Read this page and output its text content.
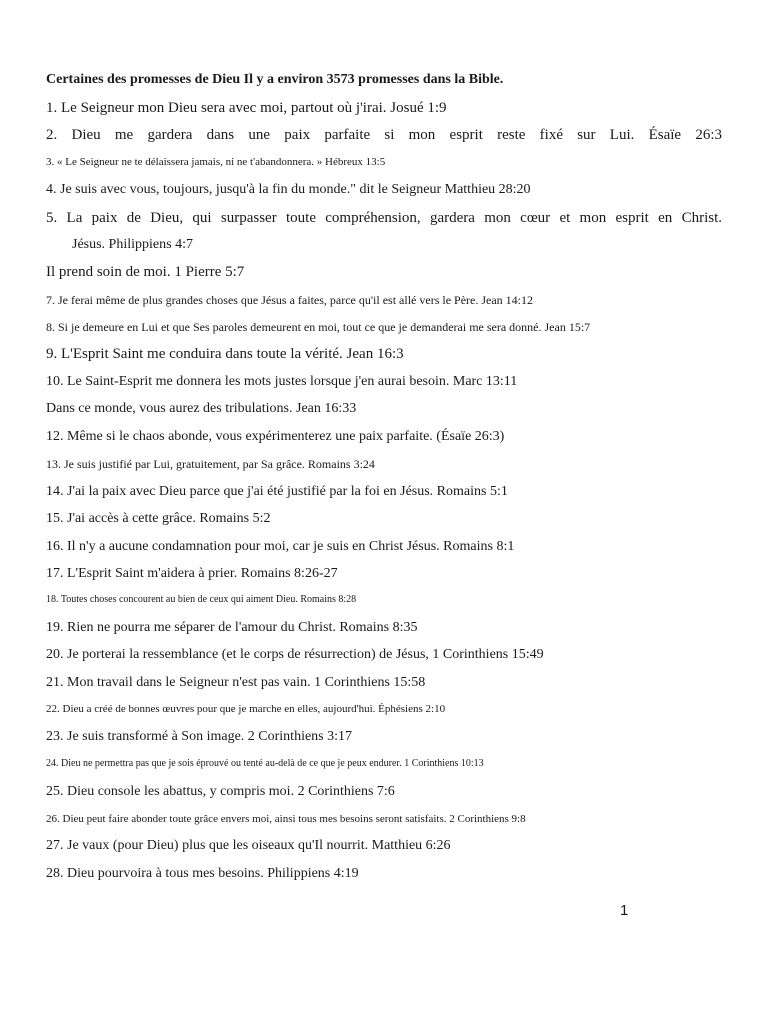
Certaines des promesses de Dieu Il y a environ 3573 promesses dans la Bible.
1. Le Seigneur mon Dieu sera avec moi, partout où j'irai. Josué 1:9
2. Dieu me gardera dans une paix parfaite si mon esprit reste fixé sur Lui. Ésaïe 26:3
3. « Le Seigneur ne te délaissera jamais, ni ne t'abandonnera. » Hébreux 13:5
4. Je suis avec vous, toujours, jusqu'à la fin du monde." dit le Seigneur Matthieu 28:20
5. La paix de Dieu, qui surpasser toute compréhension, gardera mon cœur et mon esprit en Christ.
Jésus. Philippiens 4:7
Il prend soin de moi. 1 Pierre 5:7
7. Je ferai même de plus grandes choses que Jésus a faites, parce qu'il est allé vers le Père. Jean 14:12
8. Si je demeure en Lui et que Ses paroles demeurent en moi, tout ce que je demanderai me sera donné. Jean 15:7
9. L'Esprit Saint me conduira dans toute la vérité. Jean 16:3
10. Le Saint-Esprit me donnera les mots justes lorsque j'en aurai besoin. Marc 13:11
Dans ce monde, vous aurez des tribulations. Jean 16:33
12. Même si le chaos abonde, vous expérimenterez une paix parfaite. (Ésaïe 26:3)
13. Je suis justifié par Lui, gratuitement, par Sa grâce. Romains 3:24
14. J'ai la paix avec Dieu parce que j'ai été justifié par la foi en Jésus. Romains 5:1
15. J'ai accès à cette grâce. Romains 5:2
16. Il n'y a aucune condamnation pour moi, car je suis en Christ Jésus. Romains 8:1
17. L'Esprit Saint m'aidera à prier. Romains 8:26-27
18. Toutes choses concourent au bien de ceux qui aiment Dieu. Romains 8:28
19. Rien ne pourra me séparer de l'amour du Christ. Romains 8:35
20. Je porterai la ressemblance (et le corps de résurrection) de Jésus, 1 Corinthiens 15:49
21. Mon travail dans le Seigneur n'est pas vain. 1 Corinthiens 15:58
22. Dieu a créé de bonnes œuvres pour que je marche en elles, aujourd'hui. Éphésiens 2:10
23. Je suis transformé à Son image. 2 Corinthiens 3:17
24. Dieu ne permettra pas que je sois éprouvé ou tenté au-delà de ce que je peux endurer. 1 Corinthiens 10:13
25. Dieu console les abattus, y compris moi. 2 Corinthiens 7:6
26. Dieu peut faire abonder toute grâce envers moi, ainsi tous mes besoins seront satisfaits. 2 Corinthiens 9:8
27. Je vaux (pour Dieu) plus que les oiseaux qu'Il nourrit. Matthieu 6:26
28. Dieu pourvoira à tous mes besoins. Philippiens 4:19
1
